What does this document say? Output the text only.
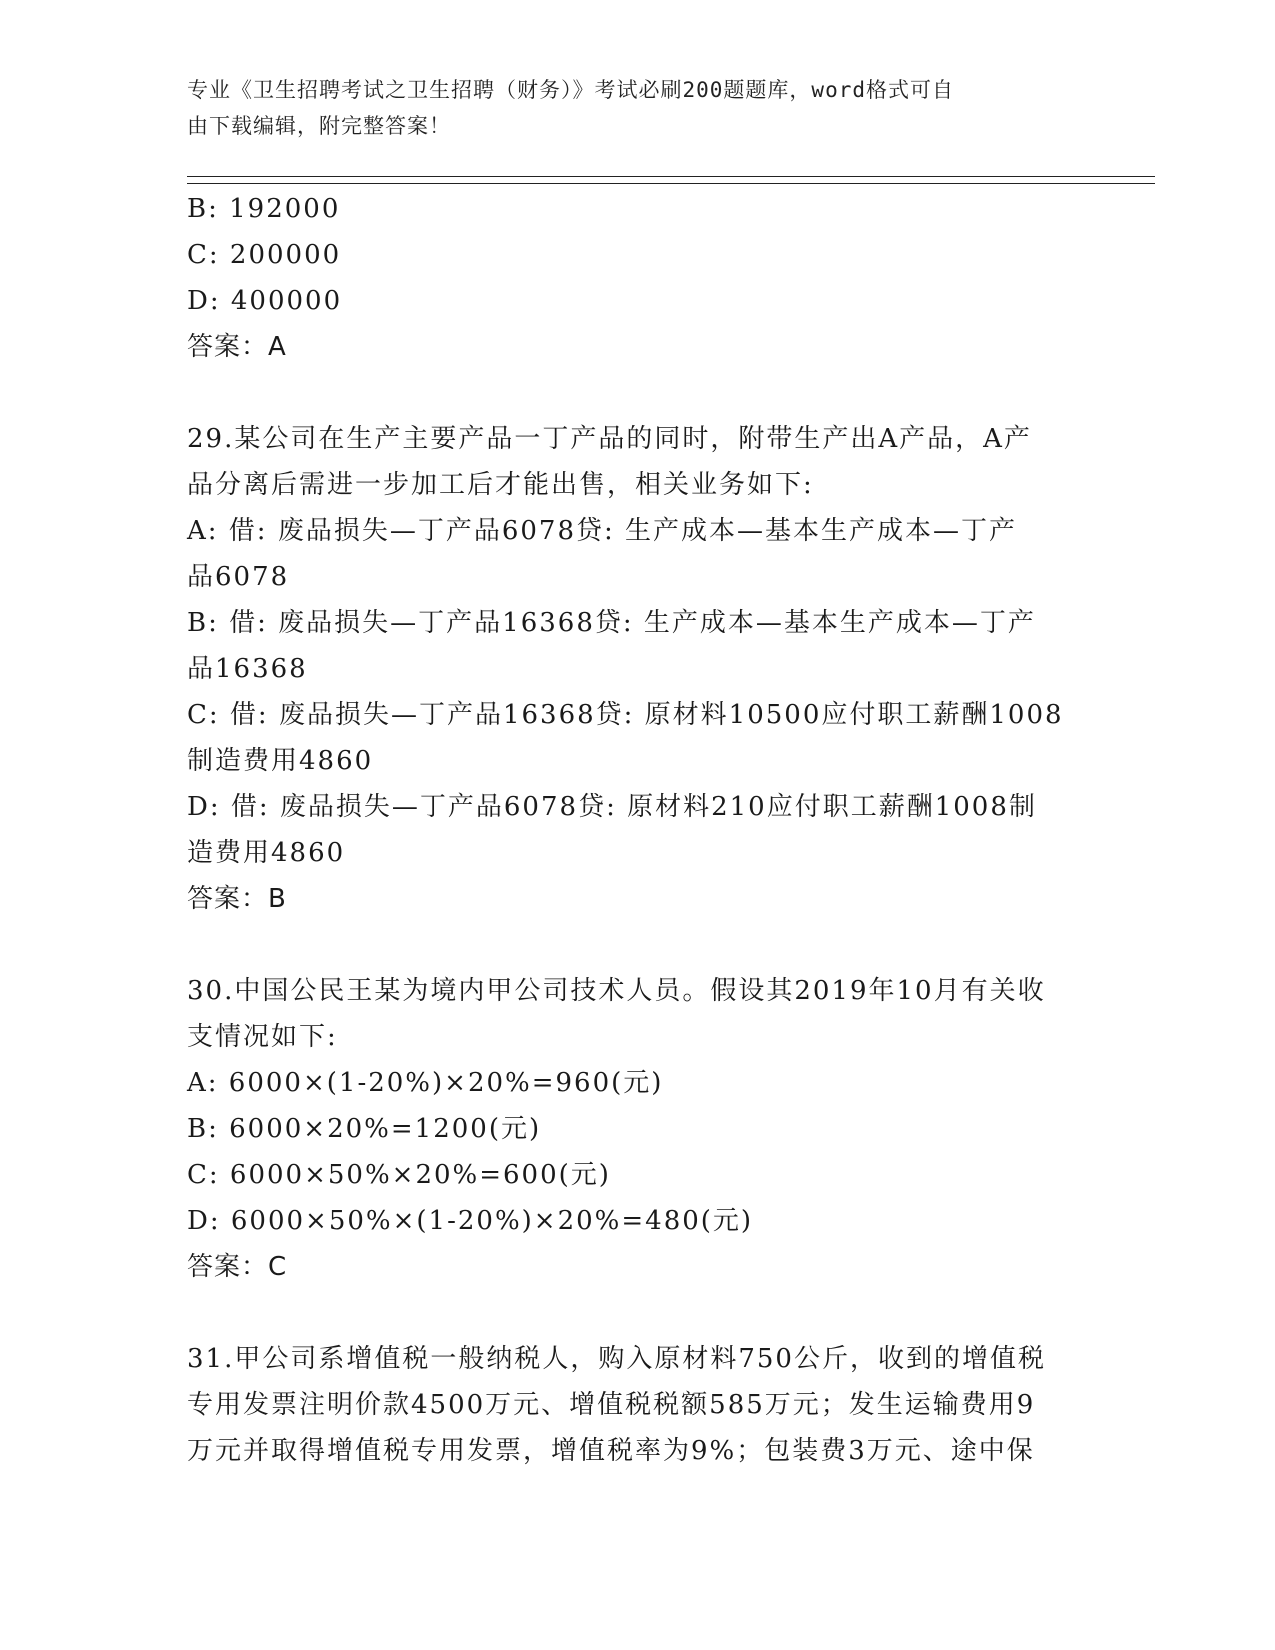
专业《卫生招聘考试之卫生招聘（财务）》考试必刷200题题库，word格式可自
由下载编辑，附完整答案！
B: 192000
C: 200000
D: 400000
答案：A
29.某公司在生产主要产品一丁产品的同时，附带生产出A产品，A产
品分离后需进一步加工后才能出售，相关业务如下:
A: 借: 废品损失—丁产品6078贷: 生产成本—基本生产成本—丁产
品6078
B: 借: 废品损失—丁产品16368贷: 生产成本—基本生产成本—丁产
品16368
C: 借: 废品损失—丁产品16368贷: 原材料10500应付职工薪酬1008
制造费用4860
D: 借: 废品损失—丁产品6078贷: 原材料210应付职工薪酬1008制
造费用4860
答案：B
30.中国公民王某为境内甲公司技术人员。假设其2019年10月有关收
支情况如下:
A: 6000×(1-20%)×20%=960(元)
B: 6000×20%=1200(元)
C: 6000×50%×20%=600(元)
D: 6000×50%×(1-20%)×20%=480(元)
答案：C
31.甲公司系增值税一般纳税人，购入原材料750公斤，收到的增值税
专用发票注明价款4500万元、增值税税额585万元；发生运输费用9
万元并取得增值税专用发票，增值税率为9%；包装费3万元、途中保
